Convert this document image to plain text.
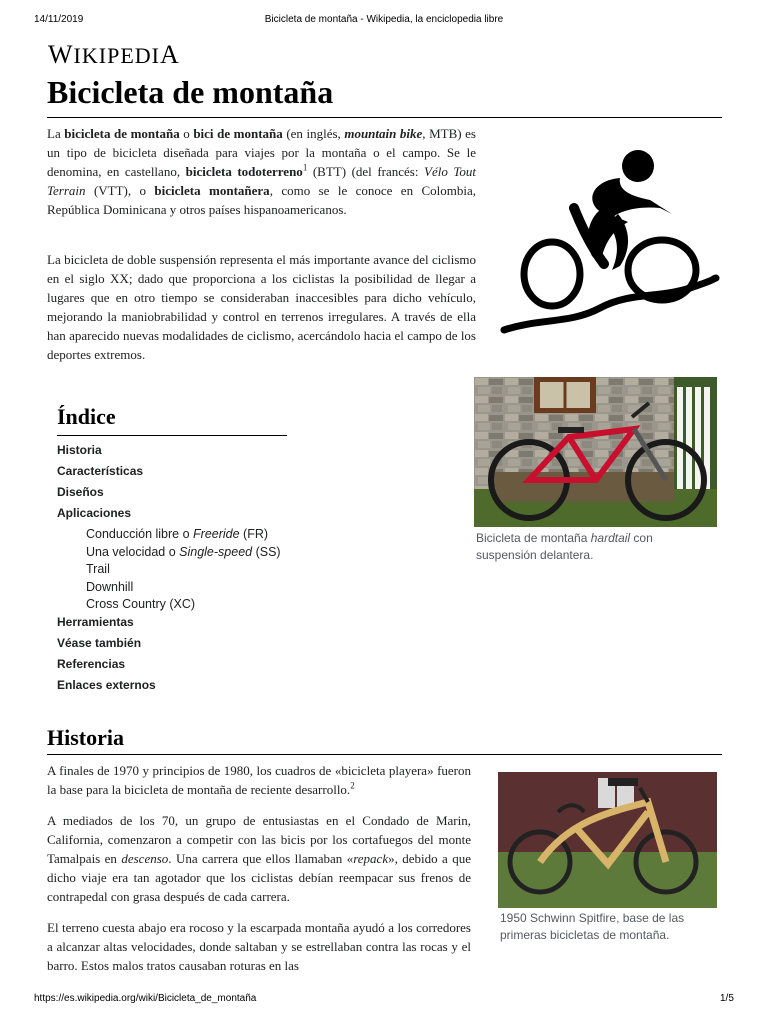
14/11/2019	Bicicleta de montaña - Wikipedia, la enciclopedia libre
WIKIPEDIA
Bicicleta de montaña

La bicicleta de montaña o bici de montaña (en inglés, mountain bike, MTB) es un tipo de bicicleta diseñada para viajes por la montaña o el campo. Se le denomina, en castellano, bicicleta todoterreno$^1$ (BTT) (del francés: Vélo Tout Terrain (VTT), o bicicleta montañera, como se le conoce en Colombia, República Dominicana y otros países hispanoamericanos.

La bicicleta de doble suspensión representa el más importante avance del ciclismo en el siglo XX; dado que proporciona a los ciclistas la posibilidad de llegar a lugares que en otro tiempo se consideraban inaccesibles para dicho vehículo, mejorando la maniobrabilidad y control en terrenos irregulares. A través de ella han aparecido nuevas modalidades de ciclismo, acercándolo hacia el campo de los deportes extremos.

Índice
Historia
Características
Diseños
Aplicaciones
Conducción libre o Freeride (FR)
Una velocidad o Single-speed (SS)
Trail
Downhill
Cross Country (XC)
Herramientas
Véase también
Referencias
Enlaces externos
Bicicleta de montaña hardtail con suspensión delantera.
Historia

A finales de 1970 y principios de 1980, los cuadros de «bicicleta playera» fueron la base para la bicicleta de montaña de reciente desarrollo.$^2$

A mediados de los 70, un grupo de entusiastas en el Condado de Marin, California, comenzaron a competir con las bicis por los cortafuegos del monte Tamalpais en descenso. Una carrera que ellos llamaban «repack», debido a que dicho viaje era tan agotador que los ciclistas debían reempacar sus frenos de contrapedal con grasa después de cada carrera.

El terreno cuesta abajo era rocoso y la escarpada montaña ayudó a los corredores a alcanzar altas velocidades, donde saltaban y se estrellaban contra las rocas y el barro. Estos malos tratos causaban roturas en las

1950 Schwinn Spitfire, base de las primeras bicicletas de montaña.
https://es.wikipedia.org/wiki/Bicicleta_de_montaña	1/5
